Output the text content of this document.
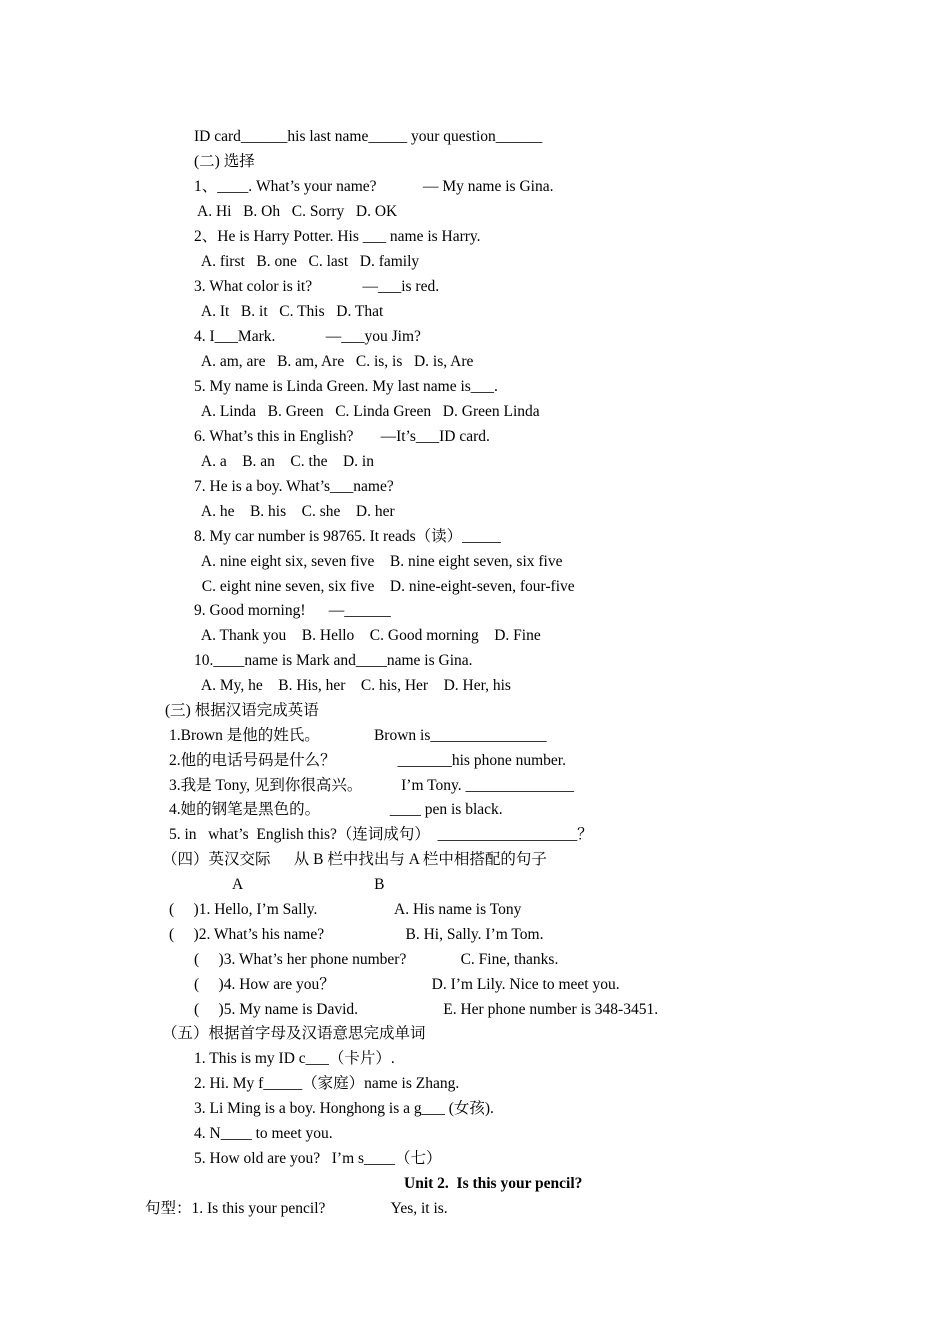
ID card______his last name_____ your question______
(二) 选择
1、____. What’s your name?            — My name is Gina.
A. Hi   B. Oh   C. Sorry   D. OK
2、He is Harry Potter. His ___ name is Harry.
A. first   B. one   C. last   D. family
3. What color is it?             —___is red.
A. It   B. it   C. This   D. That
4. I___Mark.             —___you Jim?
A. am, are   B. am, Are   C. is, is   D. is, Are
5. My name is Linda Green. My last name is___.
A. Linda   B. Green   C. Linda Green   D. Green Linda
6. What’s this in English?       —It’s___ID card.
A. a    B. an    C. the    D. in
7. He is a boy. What’s___name?
A. he    B. his    C. she    D. her
8. My car number is 98765. It reads（读）_____
A. nine eight six, seven five    B. nine eight seven, six five
C. eight nine seven, six five    D. nine-eight-seven, four-five
9. Good morning!      —______
A. Thank you    B. Hello    C. Good morning    D. Fine
10.____name is Mark and____name is Gina.
A. My, he    B. His, her    C. his, Her    D. Her, his
(三) 根据汉语完成英语
1.Brown 是他的姓氏。              Brown is_______________
2.他的电话号码是什么？                _______his phone number.
3.我是 Tony, 见到你很高兴。          I’m Tony. ______________
4.她的钢笔是黑色的。                  ____ pen is black.
5. in   what’s  English this?（连词成句）  __________________？
（四）英汉交际      从 B 栏中找出与 A 栏中相搭配的句子
A                                  B
(     )1. Hello, I’m Sally.                    A. His name is Tony
(     )2. What’s his name?                     B. Hi, Sally. I’m Tom.
(     )3. What’s her phone number?              C. Fine, thanks.
(     )4. How are you？                         D. I’m Lily. Nice to meet you.
(     )5. My name is David.                      E. Her phone number is 348-3451.
（五）根据首字母及汉语意思完成单词
1. This is my ID c___（卡片）.
2. Hi. My f_____（家庭）name is Zhang.
3. Li Ming is a boy. Honghong is a g___ (女孩).
4. N____ to meet you.
5. How old are you?   I’m s____（七）
Unit 2.  Is this your pencil?
句型：1. Is this your pencil?                 Yes, it is.
